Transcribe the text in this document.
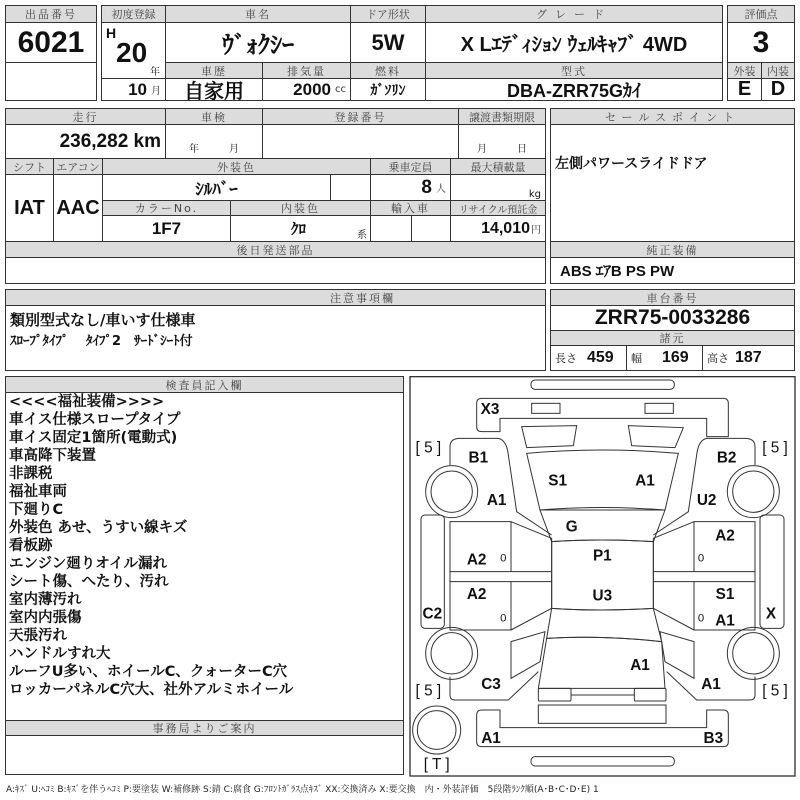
出品番号
6021
初度登録
H
20
年
10 月
車名
ｳﾞｫｸｼｰ
ドア形状
5W
グレード
X Lｴﾃﾞｨｼｮﾝ ｳｪﾙｷｬﾌﾞ 4WD
車歴
自家用
排気量
2000 cc
燃料
ｶﾞｿﾘﾝ
型式
DBA-ZRR75Gｶｲ
評価点
3
外装	内装
E D
走行
236,282 km
車検
年	月
登録番号	譲渡書類期限
月	日
シフト
IAT
エアコン
AAC
外装色
ｼﾙﾊﾞｰ
乗車定員
8 人
最大積載量
kg
カラーNo.
1F7
内装色
ｸﾛ	系
輸入車	リサイクル預託金
14,010 円
後日発送部品
セールスポイント
左側パワースライドドア
純正装備
ABS ｴｱB PS PW
注意事項欄
類別型式なし/車いす仕様車
ｽﾛｰﾌﾟﾀｲﾌﾟ　 ﾀｲﾌﾟ2　ｻｰﾄﾞｼｰﾄ付
車台番号
ZRR75-0033286
諸元
長さ 459 幅 169 高さ 187
検査員記入欄
<<<<福祉装備>>>>
車イス仕様スロープタイプ
車イス固定1箇所(電動式)
車高降下装置
非課税
福祉車両
下廻りC
外装色 あせ、うすい線キズ
看板跡
エンジン廻りオイル漏れ
シート傷、へたり、汚れ
室内薄汚れ
室内内張傷
天張汚れ
ハンドルすれ大
ルーフU多い、ホイールC、クォーターC穴
ロッカーパネルC穴大、社外アルミホイール
事務局よりご案内
X3
[ 5 ]
B1
S1 A1
B2
[ 5 ]
A1	U2
G
A2
A2 0 P1	0
A2 U3 S1
C2 0	0 A1 X
A1
C3	A1
[ 5 ]	[ 5 ]
A1	B3
[ T ]
A:ｷｽﾞ U:ﾍｺﾐ B:ｷｽﾞを伴うﾍｺﾐ P:要塗装 W:補修跡 S:錆 C:腐食 G:ﾌﾛﾝﾄｶﾞﾗｽ点ｷｽﾞ XX:交換済み X:要交換　内・外装評価　5段階ﾗﾝｸ順(A･B･C･D･E) 1
